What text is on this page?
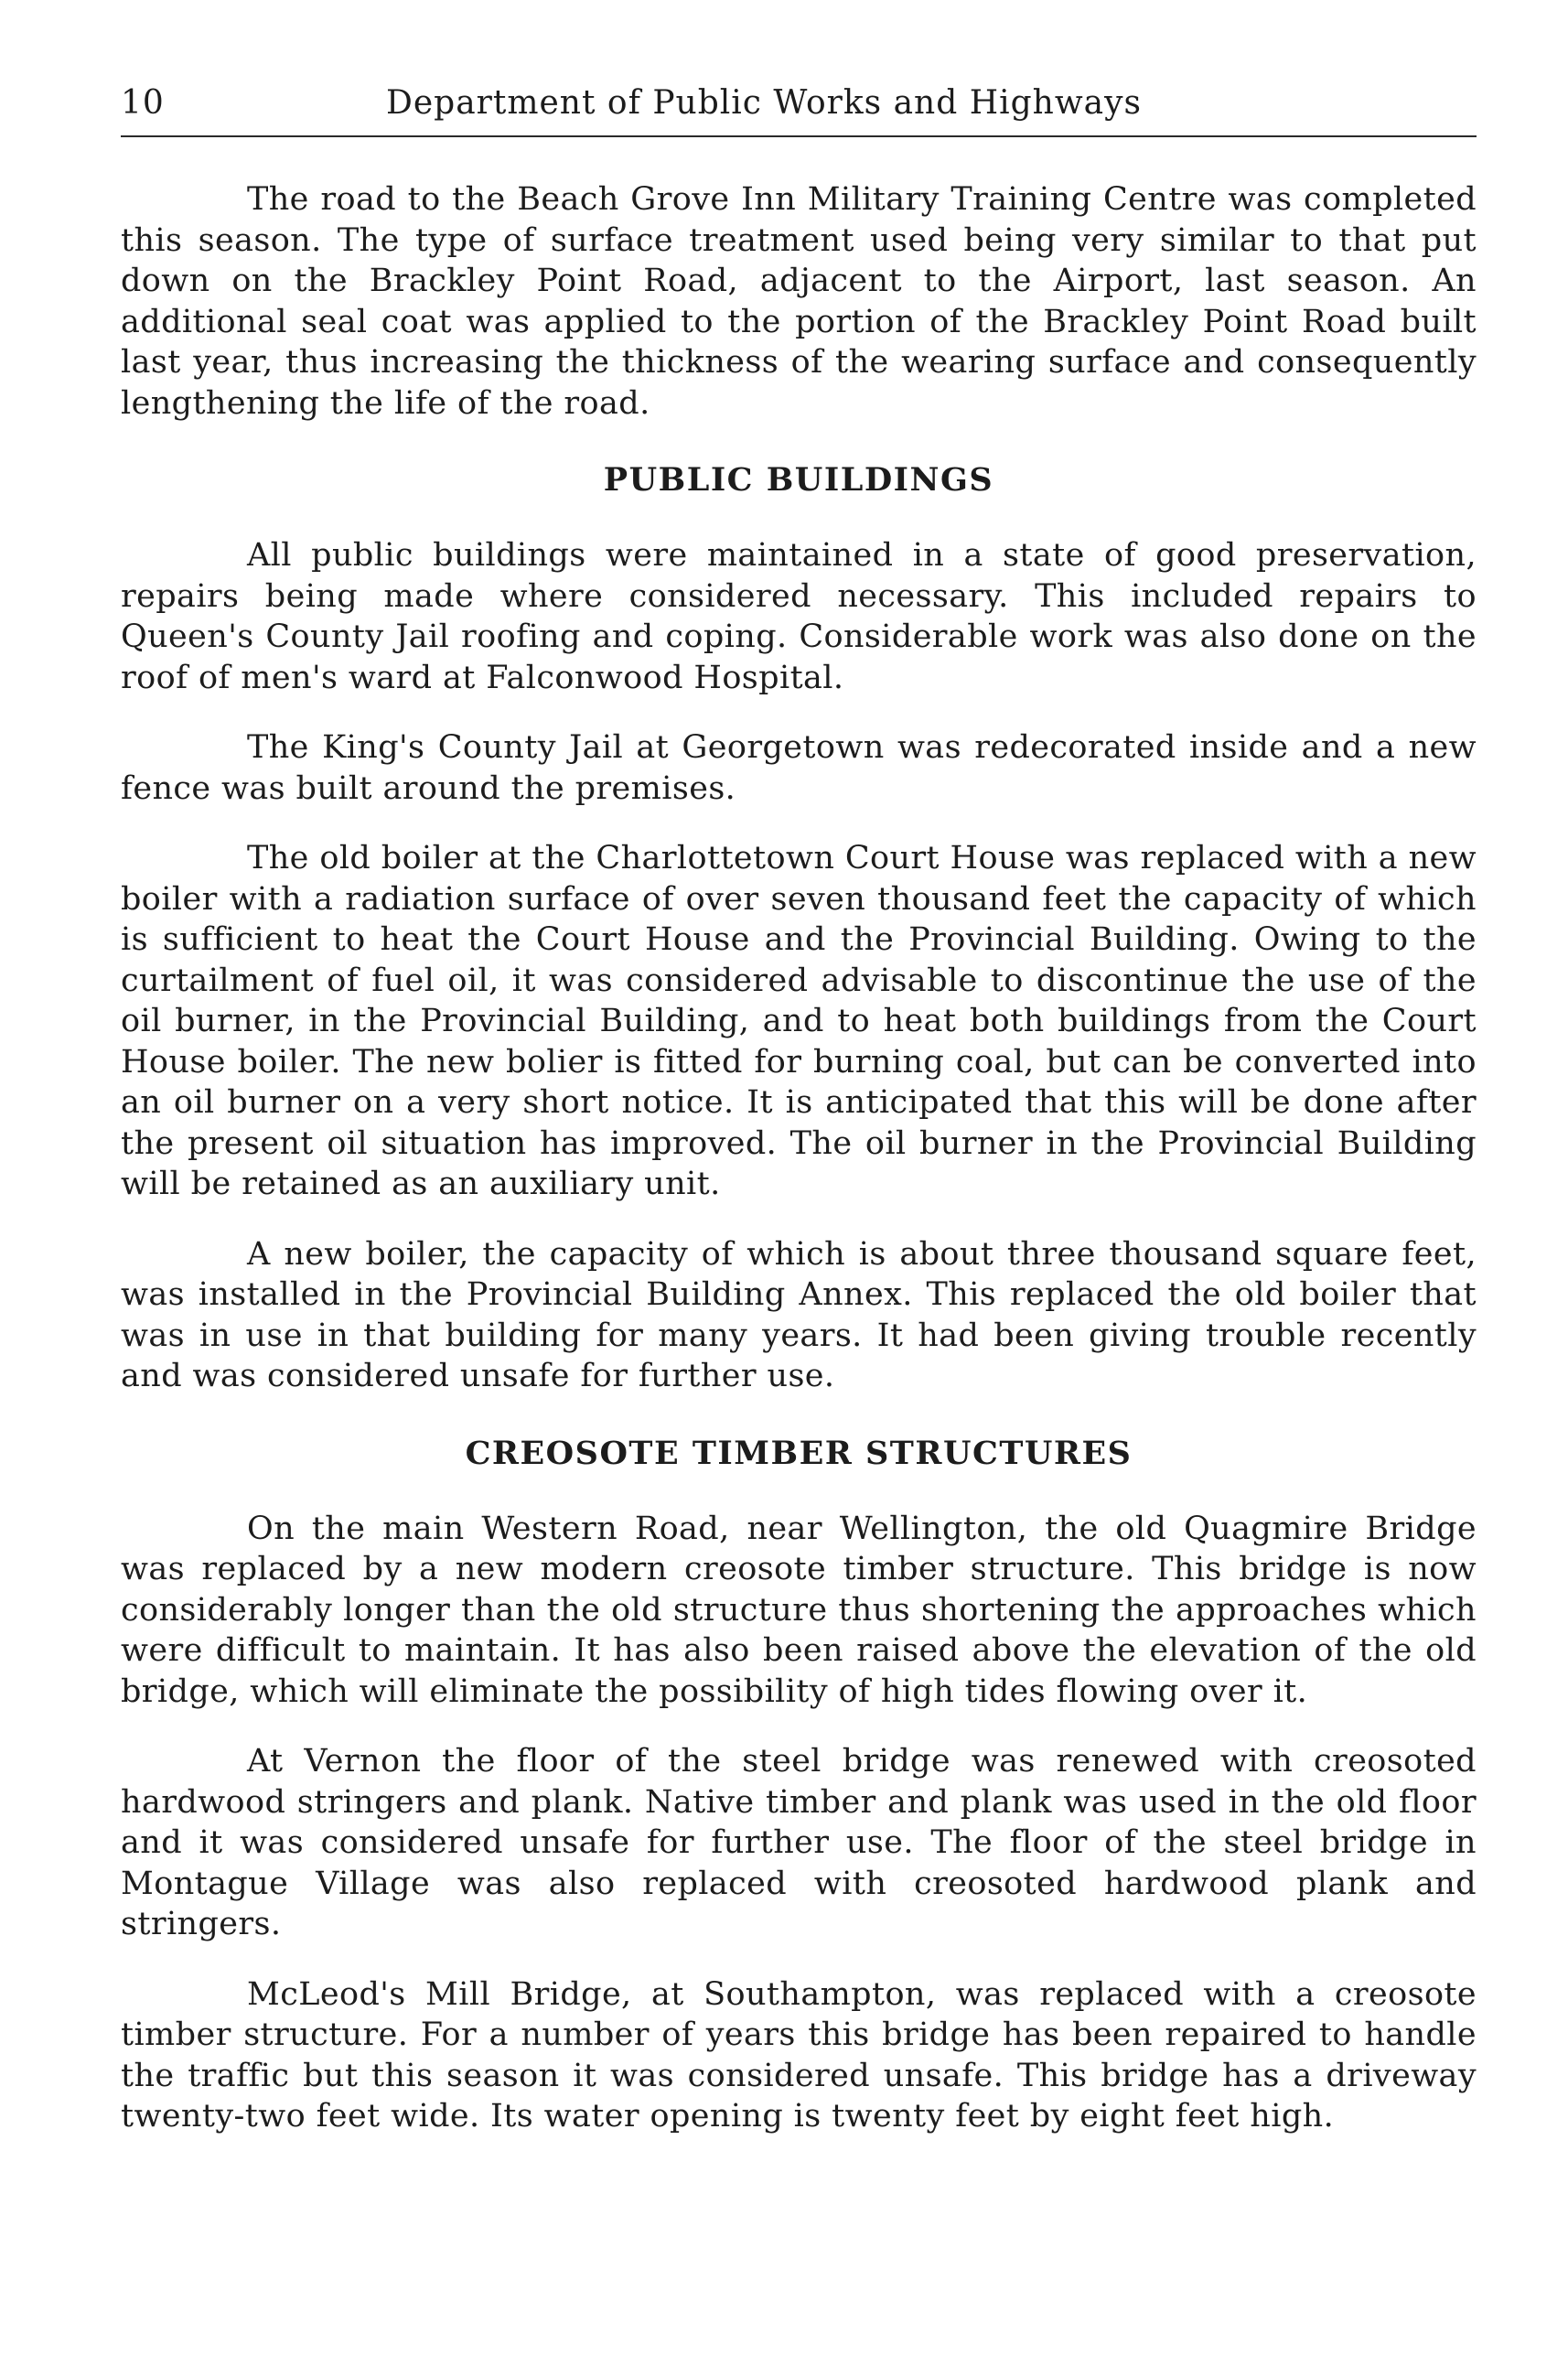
10	Department of Public Works and Highways

The road to the Beach Grove Inn Military Training Centre was completed this season. The type of surface treatment used being very similar to that put down on the Brackley Point Road, adjacent to the Airport, last season. An additional seal coat was applied to the portion of the Brackley Point Road built last year, thus increasing the thickness of the wearing surface and consequently lengthening the life of the road.

PUBLIC BUILDINGS

All public buildings were maintained in a state of good preservation, repairs being made where considered necessary. This included repairs to Queen's County Jail roofing and coping. Considerable work was also done on the roof of men's ward at Falconwood Hospital.

The King's County Jail at Georgetown was redecorated inside and a new fence was built around the premises.

The old boiler at the Charlottetown Court House was replaced with a new boiler with a radiation surface of over seven thousand feet the capacity of which is sufficient to heat the Court House and the Provincial Building. Owing to the curtailment of fuel oil, it was considered advisable to discontinue the use of the oil burner, in the Provincial Building, and to heat both buildings from the Court House boiler. The new bolier is fitted for burning coal, but can be converted into an oil burner on a very short notice. It is anticipated that this will be done after the present oil situation has improved. The oil burner in the Provincial Building will be retained as an auxiliary unit.

A new boiler, the capacity of which is about three thousand square feet, was installed in the Provincial Building Annex. This replaced the old boiler that was in use in that building for many years. It had been giving trouble recently and was considered unsafe for further use.

CREOSOTE TIMBER STRUCTURES

On the main Western Road, near Wellington, the old Quagmire Bridge was replaced by a new modern creosote timber structure. This bridge is now considerably longer than the old structure thus shortening the approaches which were difficult to maintain. It has also been raised above the elevation of the old bridge, which will eliminate the possibility of high tides flowing over it.

At Vernon the floor of the steel bridge was renewed with creosoted hardwood stringers and plank. Native timber and plank was used in the old floor and it was considered unsafe for further use. The floor of the steel bridge in Montague Village was also replaced with creosoted hardwood plank and stringers.

McLeod's Mill Bridge, at Southampton, was replaced with a creosote timber structure. For a number of years this bridge has been repaired to handle the traffic but this season it was considered unsafe. This bridge has a driveway twenty-two feet wide. Its water opening is twenty feet by eight feet high.
